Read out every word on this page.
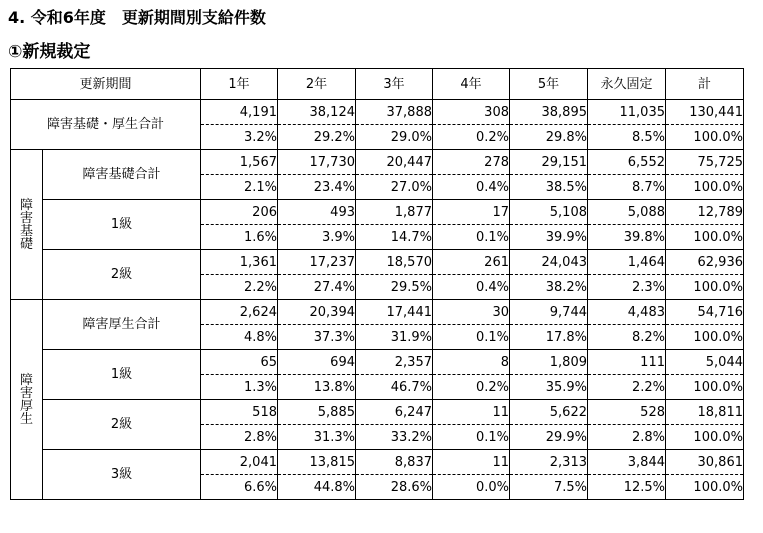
4. 令和6年度　更新期間別支給件数
①新規裁定
更新期間		1年	2年	3年	4年	5年	永久固定	計
障害基礎・厚生合計		4,191	38,124	37,888	308	38,895	11,035	130,441
		3.2%	29.2%	29.0%	0.2%	29.8%	8.5%	100.0%

障
害
基
礎	障害基礎合計	1,567	17,730	20,447	278	29,151	6,552	75,725
		2.1%	23.4%	27.0%	0.4%	38.5%	8.7%	100.0%
	1級	206	493	1,877	17	5,108	5,088	12,789
		1.6%	3.9%	14.7%	0.1%	39.9%	39.8%	100.0%
	2級	1,361	17,237	18,570	261	24,043	1,464	62,936
		2.2%	27.4%	29.5%	0.4%	38.2%	2.3%	100.0%

障
害
厚
生	障害厚生合計	2,624	20,394	17,441	30	9,744	4,483	54,716
		4.8%	37.3%	31.9%	0.1%	17.8%	8.2%	100.0%
	1級	65	694	2,357	8	1,809	111	5,044
		1.3%	13.8%	46.7%	0.2%	35.9%	2.2%	100.0%
	2級	518	5,885	6,247	11	5,622	528	18,811
		2.8%	31.3%	33.2%	0.1%	29.9%	2.8%	100.0%
	3級	2,041	13,815	8,837	11	2,313	3,844	30,861
		6.6%	44.8%	28.6%	0.0%	7.5%	12.5%	100.0%
